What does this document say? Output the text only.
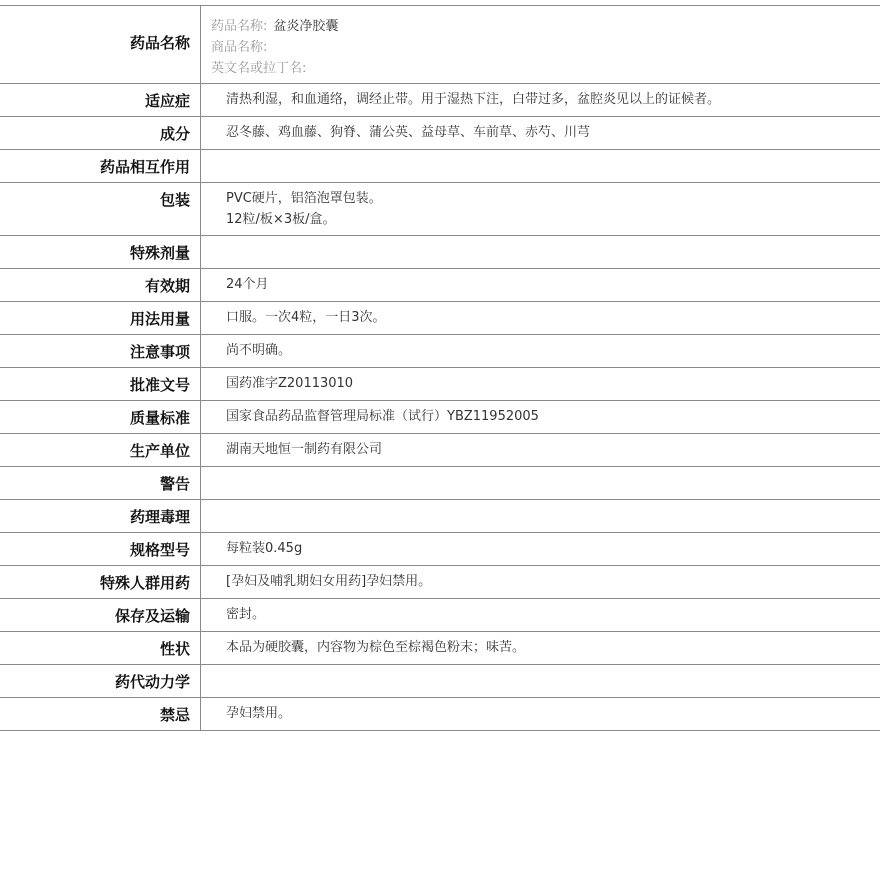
药品名称
药品名称: 盆炎净胶囊
商品名称:
英文名或拉丁名:
适应症	清热利湿，和血通络，调经止带。用于湿热下注，白带过多，盆腔炎见以上的证候者。
成分	忍冬藤、鸡血藤、狗脊、蒲公英、益母草、车前草、赤芍、川芎
药品相互作用
包装	PVC硬片，铝箔泡罩包装。
12粒/板×3板/盒。
特殊剂量
有效期	24个月
用法用量	口服。一次4粒，一日3次。
注意事项	尚不明确。
批准文号	国药准字Z20113010
质量标准	国家食品药品监督管理局标准（试行）YBZ11952005
生产单位	湖南天地恒一制药有限公司
警告
药理毒理
规格型号	每粒装0.45g
特殊人群用药	[孕妇及哺乳期妇女用药]孕妇禁用。
保存及运输	密封。
性状	本品为硬胶囊，内容物为棕色至棕褐色粉末；味苦。
药代动力学
禁忌	孕妇禁用。
